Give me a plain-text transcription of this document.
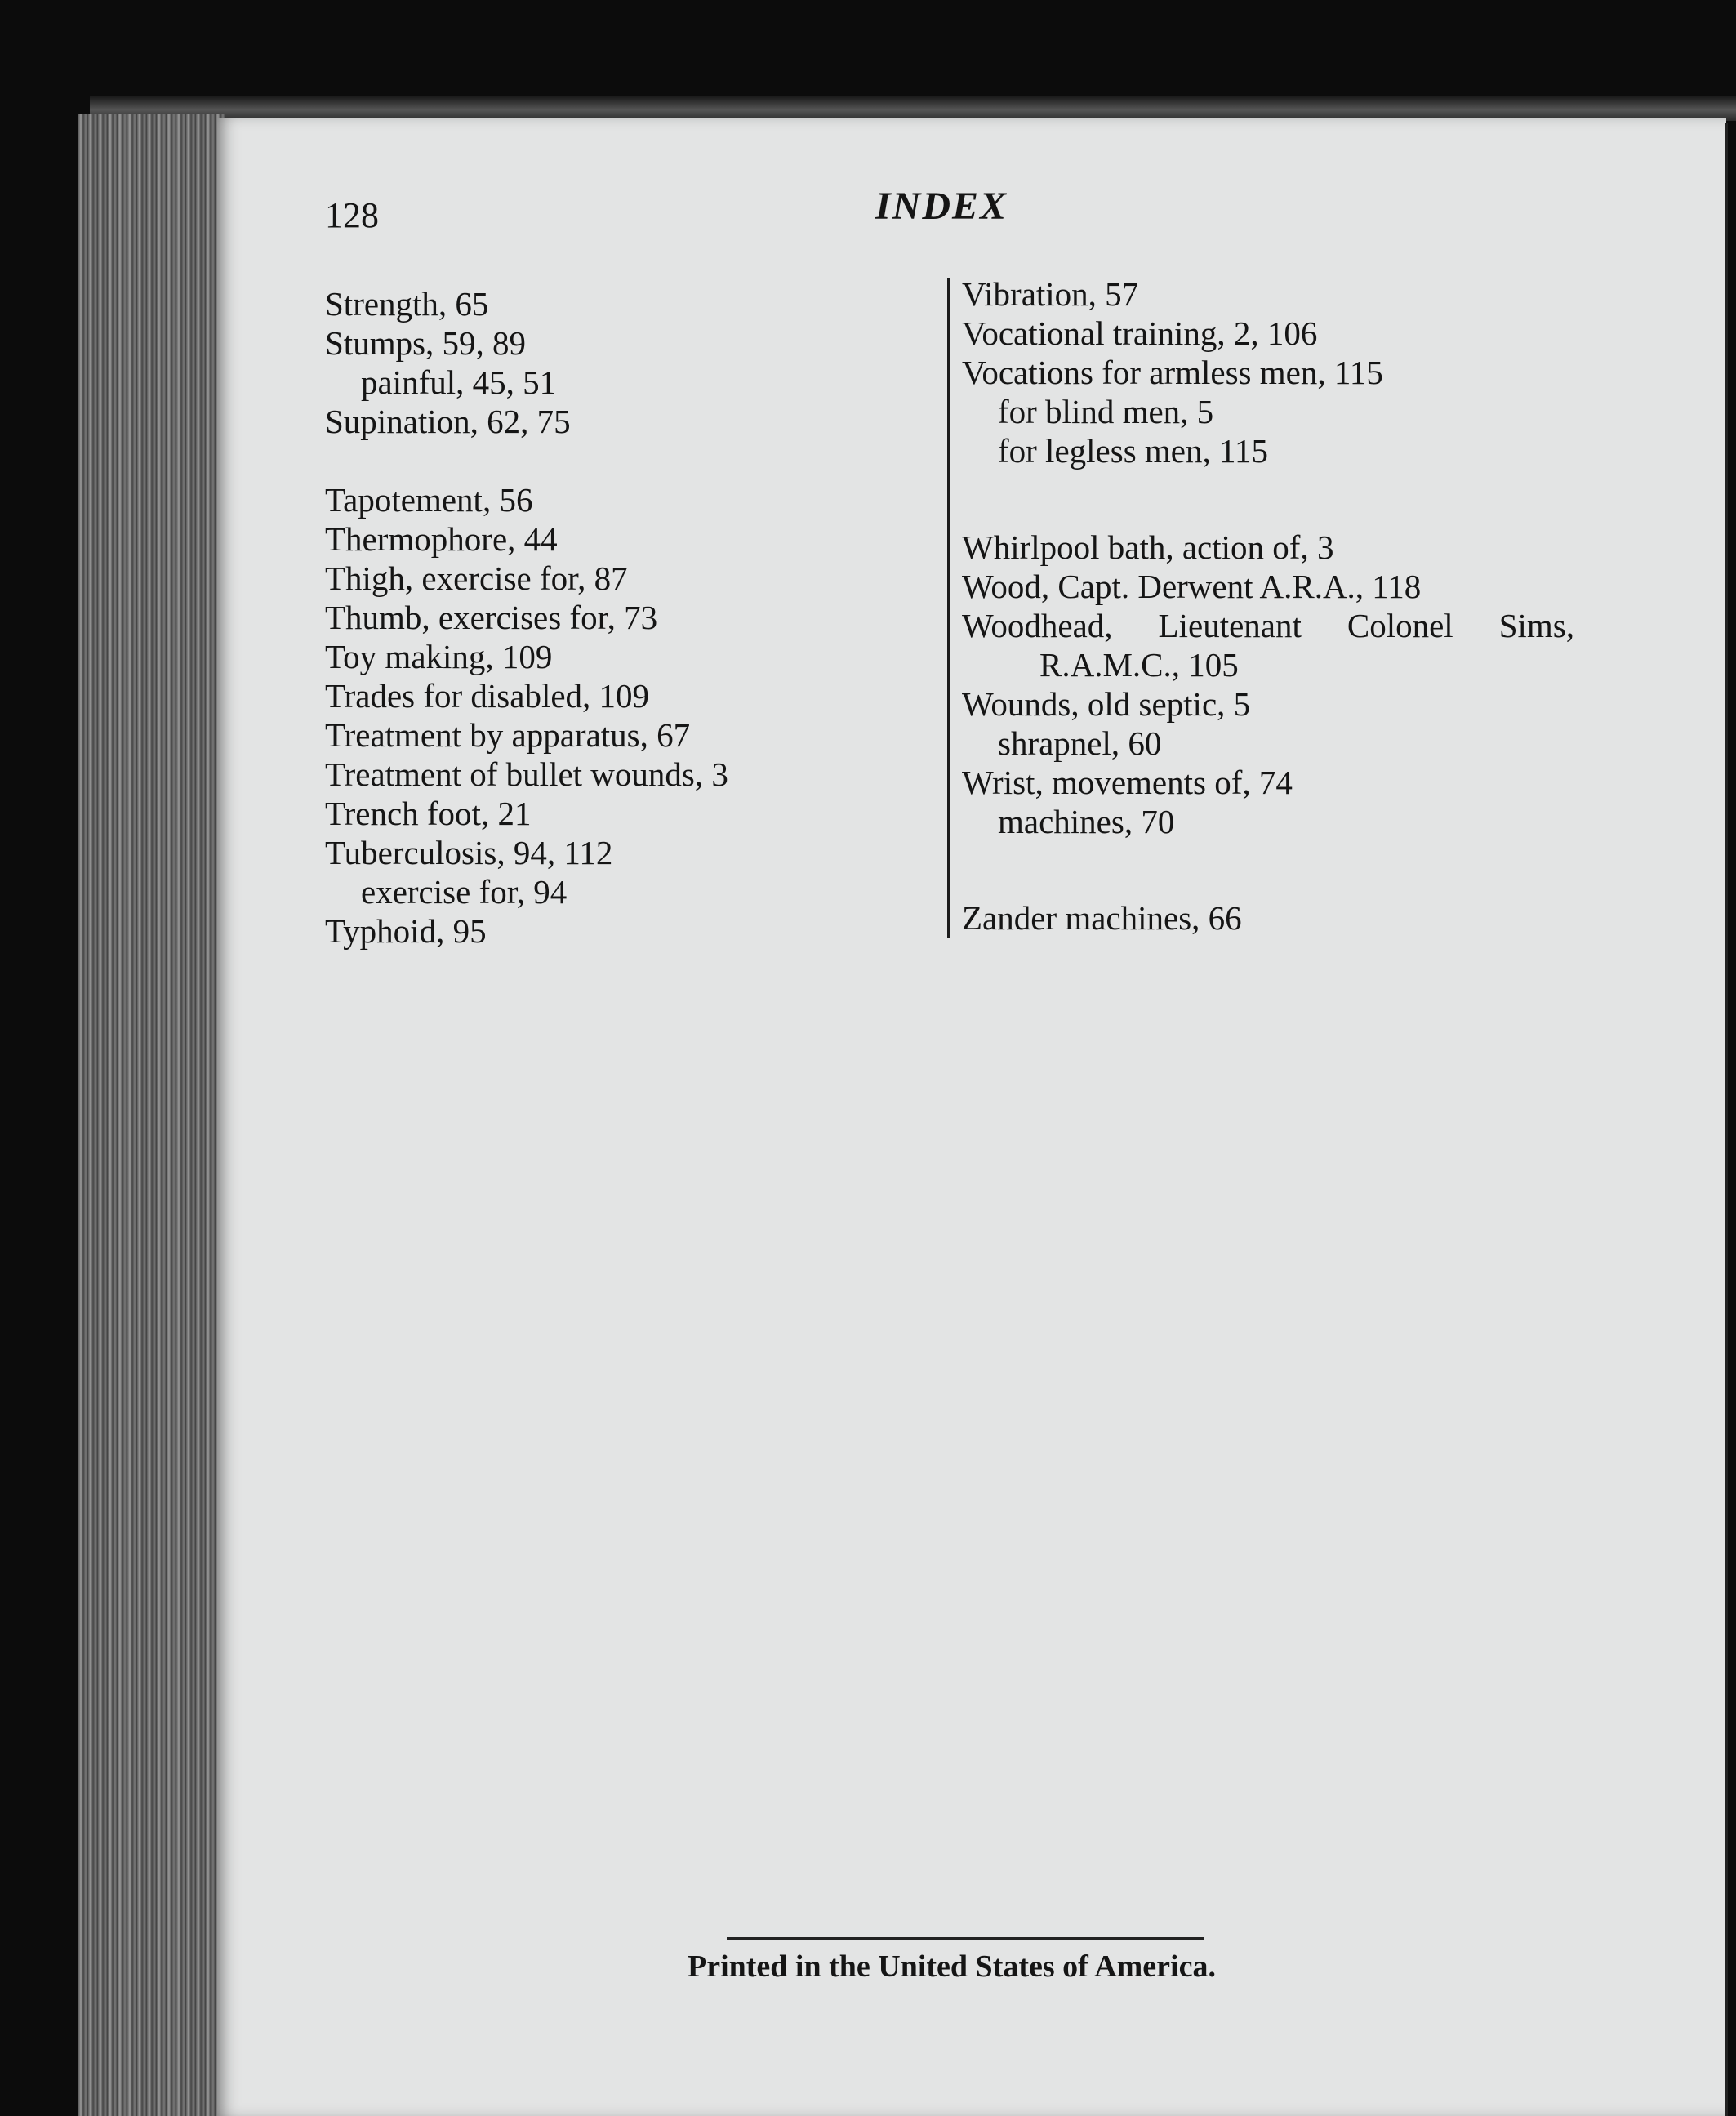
128	INDEX
Strength, 65
Stumps, 59, 89
painful, 45, 51
Supination, 62, 75
Tapotement, 56
Thermophore, 44
Thigh, exercise for, 87
Thumb, exercises for, 73
Toy making, 109
Trades for disabled, 109
Treatment by apparatus, 67
Treatment of bullet wounds, 3
Trench foot, 21
Tuberculosis, 94, 112
exercise for, 94
Typhoid, 95
Vibration, 57
Vocational training, 2, 106
Vocations for armless men, 115
for blind men, 5
for legless men, 115
Whirlpool bath, action of, 3
Wood, Capt. Derwent A.R.A., 118
Woodhead, Lieutenant Colonel Sims,
R.A.M.C., 105
Wounds, old septic, 5
shrapnel, 60
Wrist, movements of, 74
machines, 70
Zander machines, 66
Printed in the United States of America.
